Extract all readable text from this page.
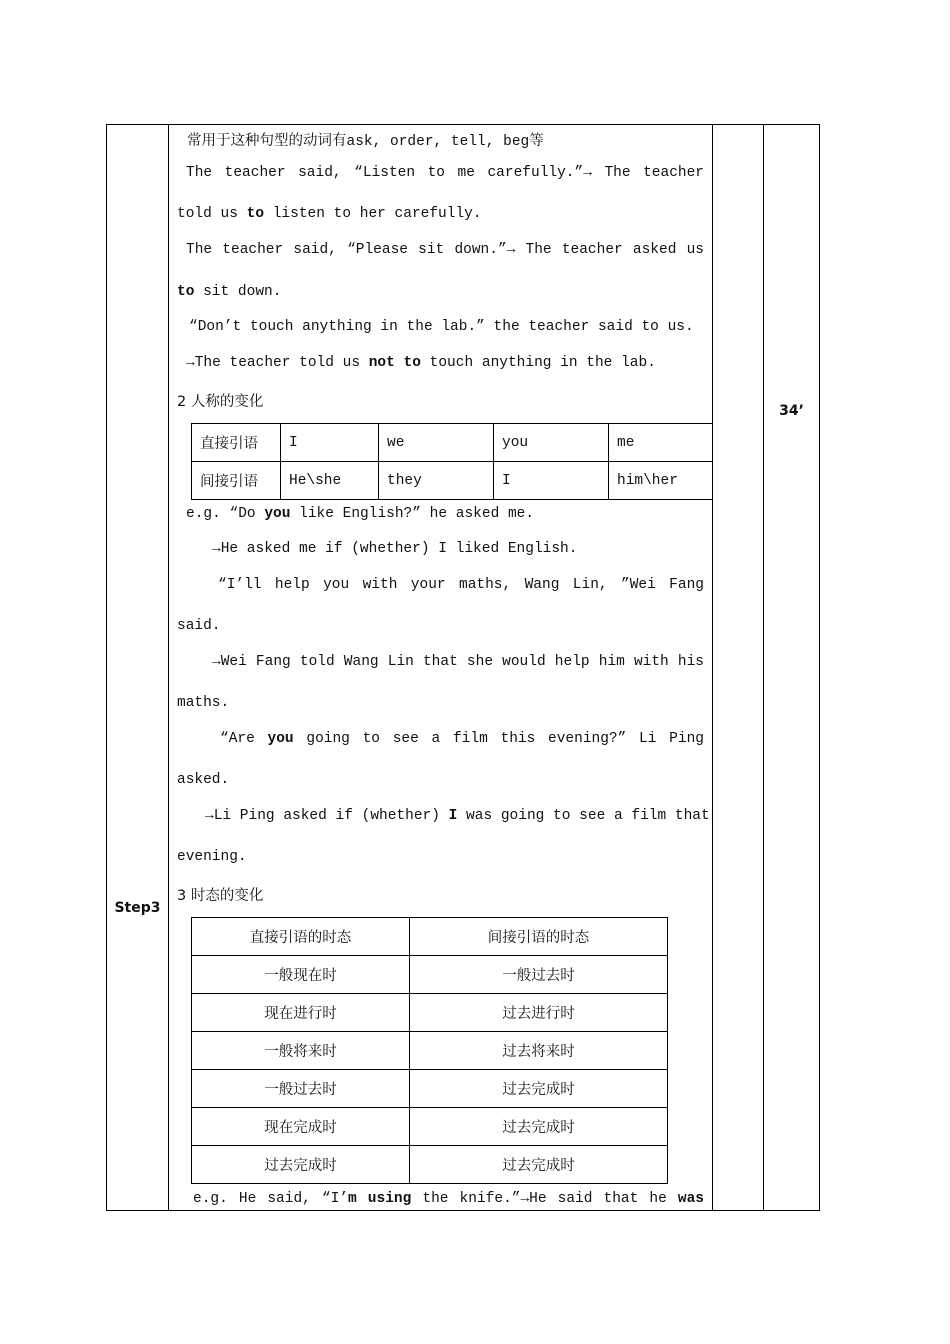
Step3
34’
常用于这种句型的动词有ask, order, tell, beg等
The teacher said, “Listen to me carefully.”→ The teacher
told us to listen to her carefully.
The teacher said, “Please sit down.”→ The teacher asked us
to sit down.
“Don’t touch anything in the lab.” the teacher said to us.
→The teacher told us not to touch anything in the lab.
2 人称的变化
直接引语	I	we	you	me
间接引语	He\she	they	I	him\her
e.g. “Do you like English?” he asked me.
→He asked me if (whether) I liked English.
“I’ll help you with your maths, Wang Lin, ”Wei Fang
said.
→Wei Fang told Wang Lin that she would help him with his
maths.
“Are you going to see a film this evening?” Li Ping
asked.
→Li Ping asked if (whether) I was going to see a film that
evening.
3 时态的变化
直接引语的时态	间接引语的时态
一般现在时	一般过去时
现在进行时	过去进行时
一般将来时	过去将来时
一般过去时	过去完成时
现在完成时	过去完成时
过去完成时	过去完成时
e.g. He said, “I’m using the knife.”→He said that he was
